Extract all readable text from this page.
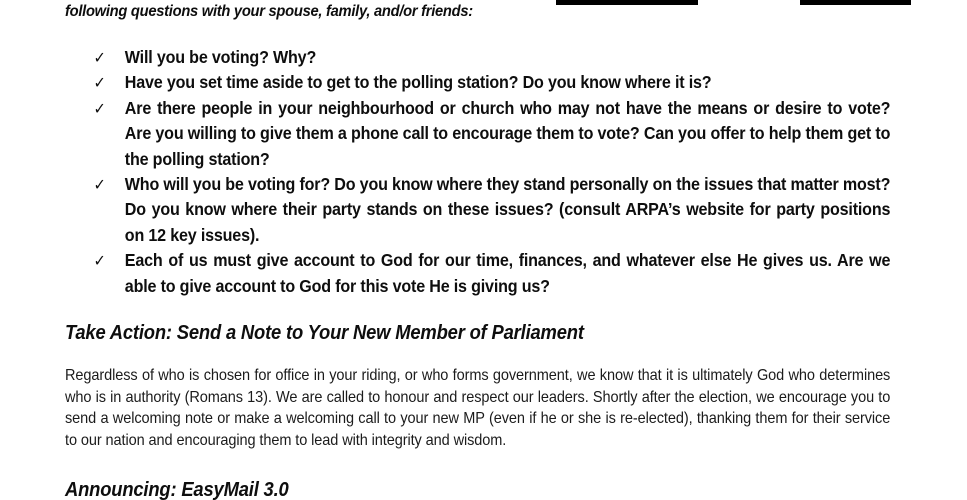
following questions with your spouse, family, and/or friends:
✓ Will you be voting? Why?
✓ Have you set time aside to get to the polling station? Do you know where it is?
✓ Are there people in your neighbourhood or church who may not have the means or desire to vote? Are you willing to give them a phone call to encourage them to vote? Can you offer to help them get to the polling station?
✓ Who will you be voting for? Do you know where they stand personally on the issues that matter most? Do you know where their party stands on these issues? (consult ARPA’s website for party positions on 12 key issues).
✓ Each of us must give account to God for our time, finances, and whatever else He gives us. Are we able to give account to God for this vote He is giving us?
Take Action: Send a Note to Your New Member of Parliament
Regardless of who is chosen for office in your riding, or who forms government, we know that it is ultimately God who determines who is in authority (Romans 13). We are called to honour and respect our leaders. Shortly after the election, we encourage you to send a welcoming note or make a welcoming call to your new MP (even if he or she is re-elected), thanking them for their service to our nation and encouraging them to lead with integrity and wisdom.
Announcing: EasyMail 3.0
